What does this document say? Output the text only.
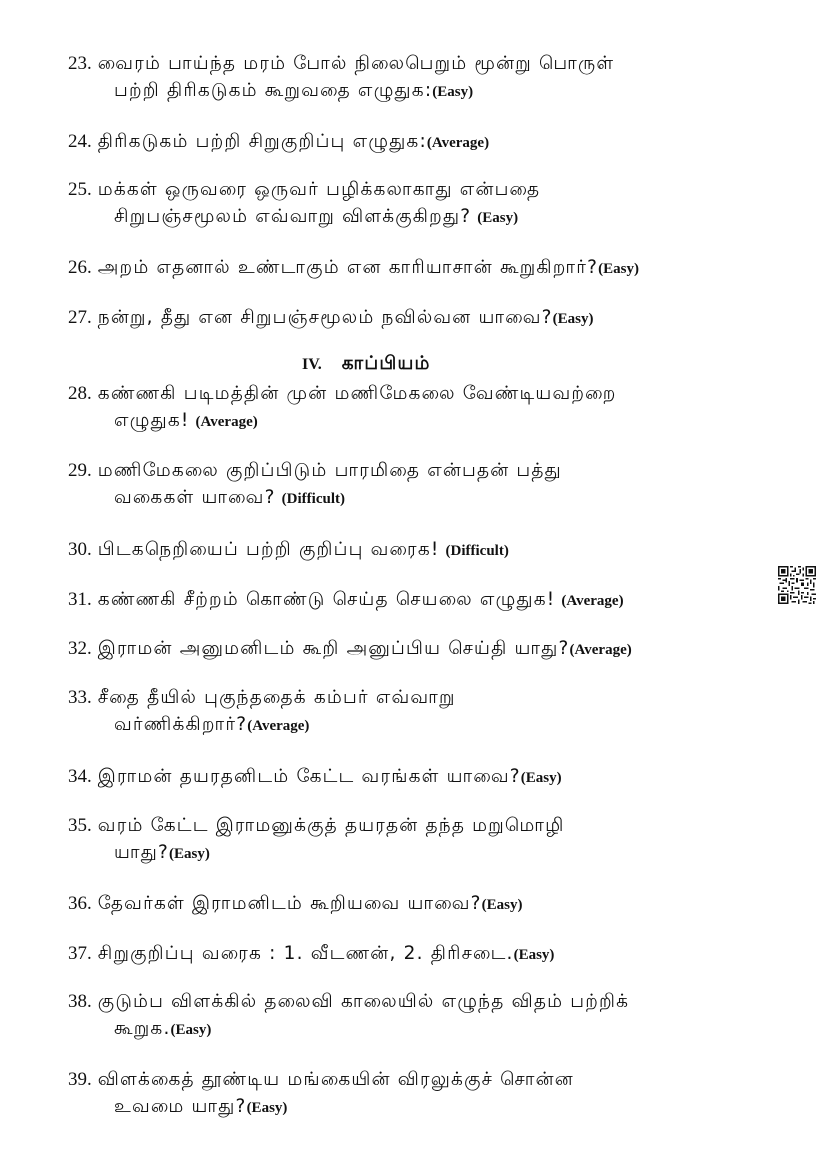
23. வைரம் பாய்ந்த மரம் போல் நிலைபெறும் மூன்று பொருள்
பற்றி திரிகடுகம் கூறுவதை எழுதுக:(Easy)
24. திரிகடுகம் பற்றி சிறுகுறிப்பு எழுதுக:(Average)
25. மக்கள் ஒருவரை ஒருவர் பழிக்கலாகாது என்பதை
சிறுபஞ்சமூலம் எவ்வாறு விளக்குகிறது? (Easy)
26. அறம் எதனால் உண்டாகும் என காரியாசான் கூறுகிறார்?(Easy)
27. நன்று, தீது என சிறுபஞ்சமூலம் நவில்வன யாவை?(Easy)
IV. காப்பியம்
28. கண்ணகி படிமத்தின் முன் மணிமேகலை வேண்டியவற்றை
எழுதுக! (Average)
29. மணிமேகலை குறிப்பிடும் பாரமிதை என்பதன் பத்து
வகைகள் யாவை? (Difficult)
30. பிடகநெறியைப் பற்றி குறிப்பு வரைக! (Difficult)
31. கண்ணகி சீற்றம் கொண்டு செய்த செயலை எழுதுக! (Average)
32. இராமன் அனுமனிடம் கூறி அனுப்பிய செய்தி யாது?(Average)
33. சீதை தீயில் புகுந்ததைக் கம்பர் எவ்வாறு
வர்ணிக்கிறார்?(Average)
34. இராமன் தயரதனிடம் கேட்ட வரங்கள் யாவை?(Easy)
35. வரம் கேட்ட இராமனுக்குத் தயரதன் தந்த மறுமொழி
யாது?(Easy)
36. தேவர்கள் இராமனிடம் கூறியவை யாவை?(Easy)
37. சிறுகுறிப்பு வரைக : 1. வீடணன், 2. திரிசடை.(Easy)
38. குடும்ப விளக்கில் தலைவி காலையில் எழுந்த விதம் பற்றிக்
கூறுக.(Easy)
39. விளக்கைத் தூண்டிய மங்கையின் விரலுக்குச் சொன்ன
உவமை யாது?(Easy)
